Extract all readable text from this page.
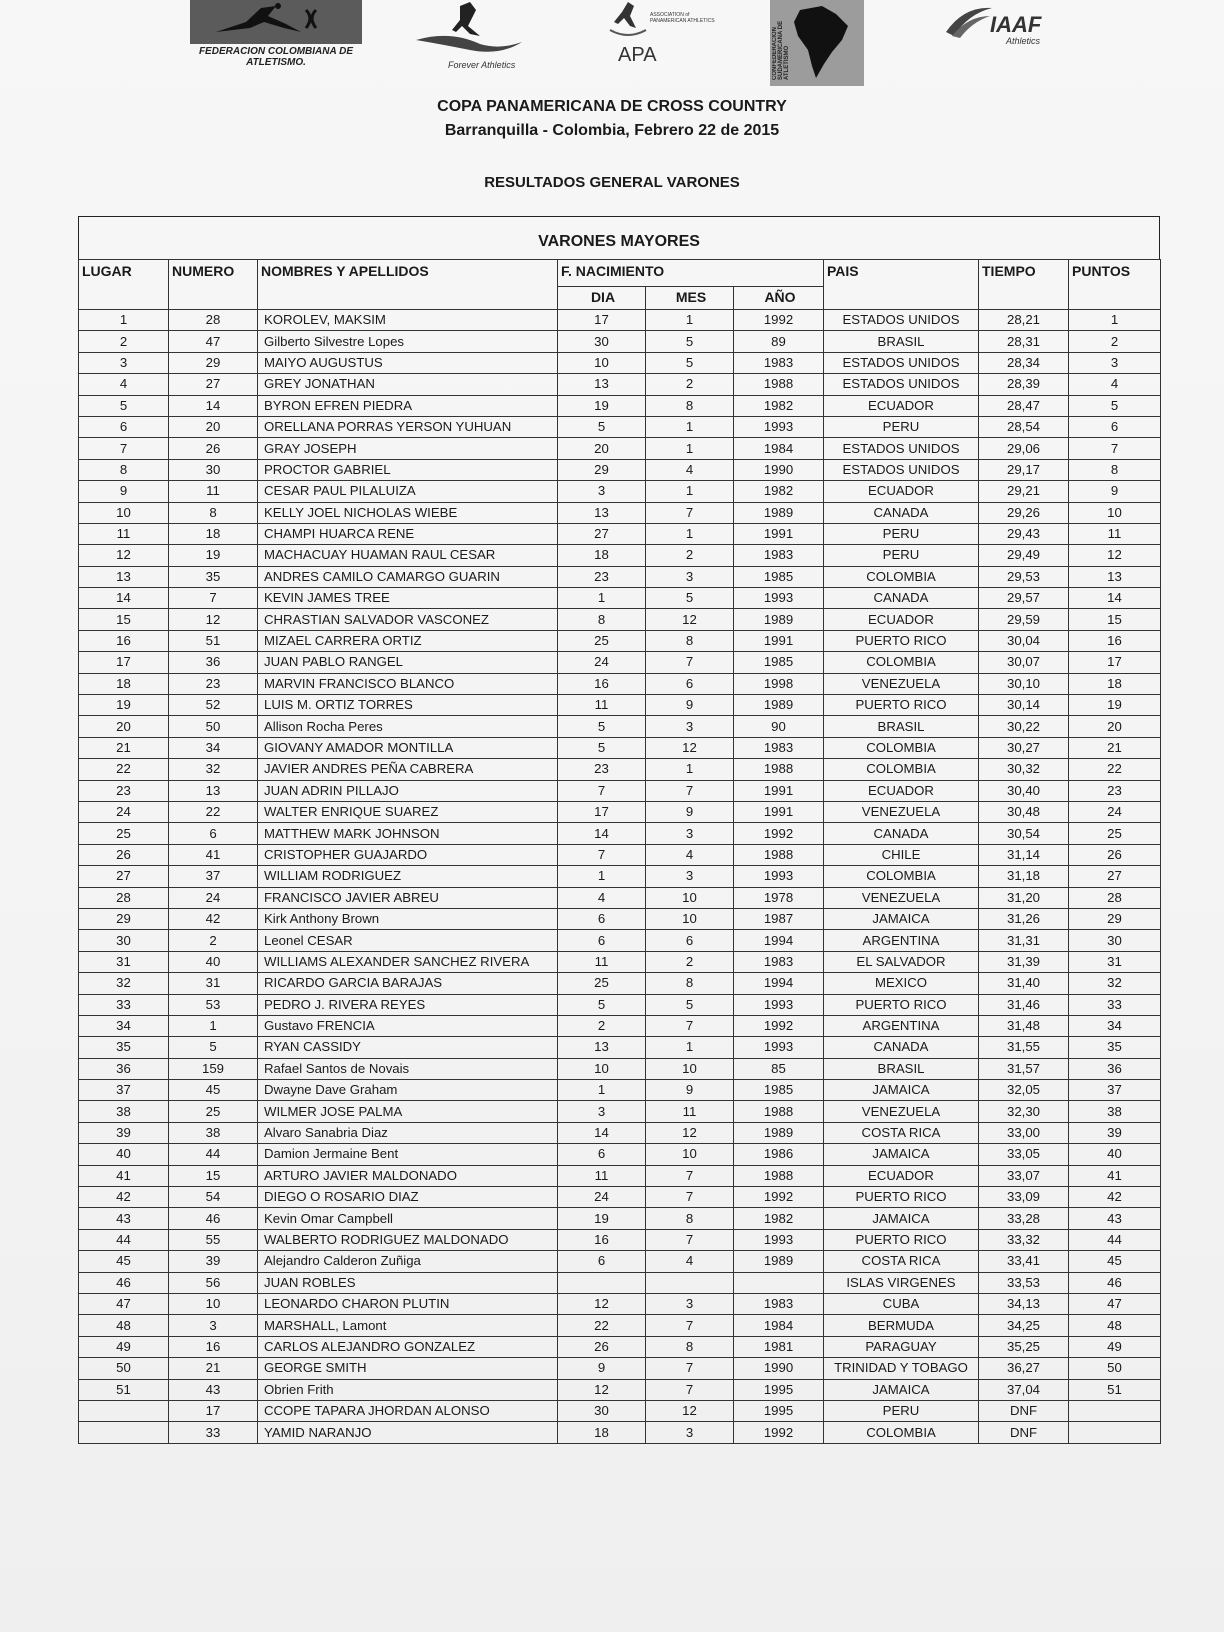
FEDERACION COLOMBIANA DE ATLETISMO.	Forever Athletics
ASSOCIATION of PANAMERICAN ATHLETICS
APA	CONFEDERACION SUDAMERICANA DE ATLETISMO
IAAF
Athletics
COPA PANAMERICANA DE CROSS COUNTRY
Barranquilla - Colombia, Febrero 22 de 2015
RESULTADOS GENERAL VARONES
VARONES MAYORES
LUGAR	NUMERO	NOMBRES Y APELLIDOS	F. NACIMIENTO			PAIS	TIEMPO	PUNTOS
			DIA	MES	AÑO			
1	28	KOROLEV, MAKSIM	17	1	1992	ESTADOS UNIDOS	28,21	1
2	47	Gilberto Silvestre Lopes	30	5	89	BRASIL	28,31	2
3	29	MAIYO AUGUSTUS	10	5	1983	ESTADOS UNIDOS	28,34	3
4	27	GREY JONATHAN	13	2	1988	ESTADOS UNIDOS	28,39	4
5	14	BYRON EFREN PIEDRA	19	8	1982	ECUADOR	28,47	5
6	20	ORELLANA PORRAS YERSON YUHUAN	5	1	1993	PERU	28,54	6
7	26	GRAY JOSEPH	20	1	1984	ESTADOS UNIDOS	29,06	7
8	30	PROCTOR GABRIEL	29	4	1990	ESTADOS UNIDOS	29,17	8
9	11	CESAR PAUL PILALUIZA	3	1	1982	ECUADOR	29,21	9
10	8	KELLY JOEL NICHOLAS WIEBE	13	7	1989	CANADA	29,26	10
11	18	CHAMPI HUARCA RENE	27	1	1991	PERU	29,43	11
12	19	MACHACUAY HUAMAN RAUL CESAR	18	2	1983	PERU	29,49	12
13	35	ANDRES CAMILO CAMARGO GUARIN	23	3	1985	COLOMBIA	29,53	13
14	7	KEVIN JAMES TREE	1	5	1993	CANADA	29,57	14
15	12	CHRASTIAN SALVADOR VASCONEZ	8	12	1989	ECUADOR	29,59	15
16	51	MIZAEL CARRERA ORTIZ	25	8	1991	PUERTO RICO	30,04	16
17	36	JUAN PABLO RANGEL	24	7	1985	COLOMBIA	30,07	17
18	23	MARVIN FRANCISCO BLANCO	16	6	1998	VENEZUELA	30,10	18
19	52	LUIS M. ORTIZ TORRES	11	9	1989	PUERTO RICO	30,14	19
20	50	Allison Rocha Peres	5	3	90	BRASIL	30,22	20
21	34	GIOVANY AMADOR MONTILLA	5	12	1983	COLOMBIA	30,27	21
22	32	JAVIER ANDRES PEÑA CABRERA	23	1	1988	COLOMBIA	30,32	22
23	13	JUAN ADRIN PILLAJO	7	7	1991	ECUADOR	30,40	23
24	22	WALTER ENRIQUE SUAREZ	17	9	1991	VENEZUELA	30,48	24
25	6	MATTHEW MARK JOHNSON	14	3	1992	CANADA	30,54	25
26	41	CRISTOPHER GUAJARDO	7	4	1988	CHILE	31,14	26
27	37	WILLIAM RODRIGUEZ	1	3	1993	COLOMBIA	31,18	27
28	24	FRANCISCO JAVIER ABREU	4	10	1978	VENEZUELA	31,20	28
29	42	Kirk Anthony Brown	6	10	1987	JAMAICA	31,26	29
30	2	Leonel CESAR	6	6	1994	ARGENTINA	31,31	30
31	40	WILLIAMS ALEXANDER SANCHEZ RIVERA	11	2	1983	EL SALVADOR	31,39	31
32	31	RICARDO GARCIA BARAJAS	25	8	1994	MEXICO	31,40	32
33	53	PEDRO J. RIVERA REYES	5	5	1993	PUERTO RICO	31,46	33
34	1	Gustavo FRENCIA	2	7	1992	ARGENTINA	31,48	34
35	5	RYAN CASSIDY	13	1	1993	CANADA	31,55	35
36	159	Rafael Santos de Novais	10	10	85	BRASIL	31,57	36
37	45	Dwayne Dave Graham	1	9	1985	JAMAICA	32,05	37
38	25	WILMER JOSE PALMA	3	11	1988	VENEZUELA	32,30	38
39	38	Alvaro Sanabria Diaz	14	12	1989	COSTA RICA	33,00	39
40	44	Damion Jermaine Bent	6	10	1986	JAMAICA	33,05	40
41	15	ARTURO JAVIER MALDONADO	11	7	1988	ECUADOR	33,07	41
42	54	DIEGO O ROSARIO DIAZ	24	7	1992	PUERTO RICO	33,09	42
43	46	Kevin Omar Campbell	19	8	1982	JAMAICA	33,28	43
44	55	WALBERTO RODRIGUEZ MALDONADO	16	7	1993	PUERTO RICO	33,32	44
45	39	Alejandro Calderon Zuñiga	6	4	1989	COSTA RICA	33,41	45
46	56	JUAN ROBLES				ISLAS VIRGENES	33,53	46
47	10	LEONARDO CHARON PLUTIN	12	3	1983	CUBA	34,13	47
48	3	MARSHALL, Lamont	22	7	1984	BERMUDA	34,25	48
49	16	CARLOS ALEJANDRO GONZALEZ	26	8	1981	PARAGUAY	35,25	49
50	21	GEORGE SMITH	9	7	1990	TRINIDAD Y TOBAGO	36,27	50
51	43	Obrien Frith	12	7	1995	JAMAICA	37,04	51
	17	CCOPE TAPARA JHORDAN ALONSO	30	12	1995	PERU	DNF	
	33	YAMID NARANJO	18	3	1992	COLOMBIA	DNF	
